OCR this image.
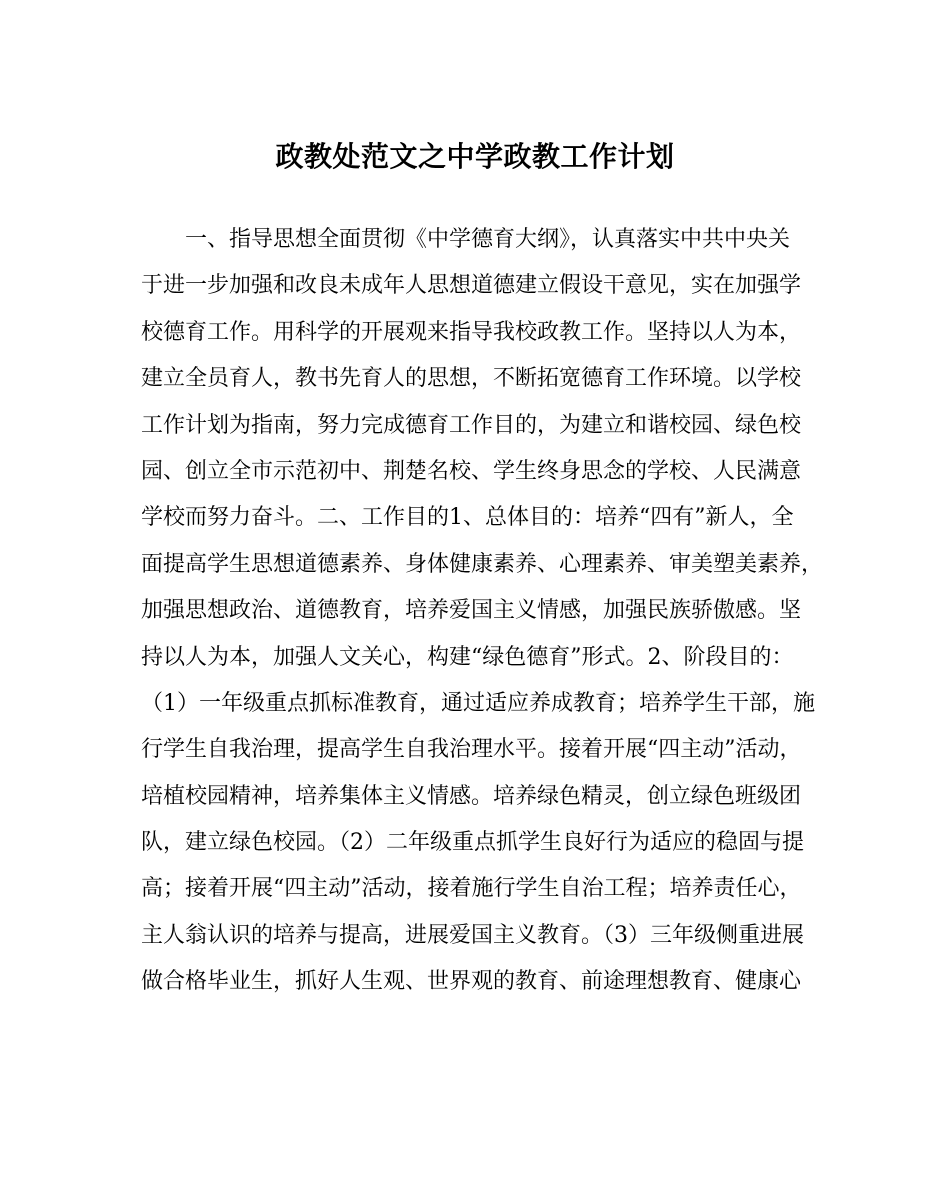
政教处范文之中学政教工作计划
　　一、指导思想全面贯彻《中学德育大纲》，认真落实中共中央关
于进一步加强和改良未成年人思想道德建立假设干意见，实在加强学
校德育工作。用科学的开展观来指导我校政教工作。坚持以人为本，
建立全员育人，教书先育人的思想，不断拓宽德育工作环境。以学校
工作计划为指南，努力完成德育工作目的，为建立和谐校园、绿色校
园、创立全市示范初中、荆楚名校、学生终身思念的学校、人民满意
学校而努力奋斗。二、工作目的1、总体目的：培养“四有”新人，全
面提高学生思想道德素养、身体健康素养、心理素养、审美塑美素养，
加强思想政治、道德教育，培养爱国主义情感，加强民族骄傲感。坚
持以人为本，加强人文关心，构建“绿色德育”形式。2、阶段目的：
（1）一年级重点抓标准教育，通过适应养成教育；培养学生干部，施
行学生自我治理，提高学生自我治理水平。接着开展“四主动”活动，
培植校园精神，培养集体主义情感。培养绿色精灵，创立绿色班级团
队，建立绿色校园。（2）二年级重点抓学生良好行为适应的稳固与提
高；接着开展“四主动”活动，接着施行学生自治工程；培养责任心，
主人翁认识的培养与提高，进展爱国主义教育。（3）三年级侧重进展
做合格毕业生，抓好人生观、世界观的教育、前途理想教育、健康心
